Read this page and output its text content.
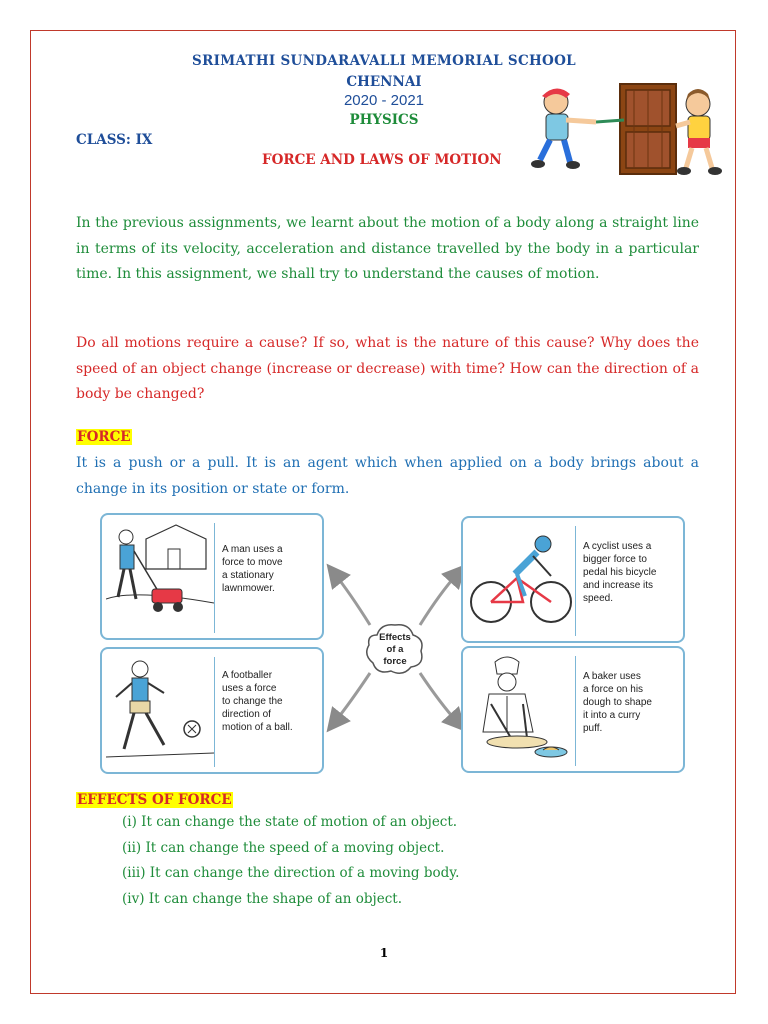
SRIMATHI SUNDARAVALLI MEMORIAL SCHOOL
CHENNAI
2020 - 2021
PHYSICS
CLASS: IX
FORCE AND LAWS OF MOTION

In the previous assignments, we learnt about the motion of a body along a straight line in terms of its velocity, acceleration and distance travelled by the body in a particular time. In this assignment, we shall try to understand the causes of motion.

Do all motions require a cause? If so, what is the nature of this cause? Why does the speed of an object change (increase or decrease) with time? How can the direction of a body be changed?

FORCE

It is a push or a pull. It is an agent which when applied on a body brings about a change in its position or state or form.

Effects
of a
force
A man uses a
force to move
a stationary
lawnmower.
A cyclist uses a
bigger force to
pedal his bicycle
and increase its
speed.
A footballer
uses a force
to change the
direction of
motion of a ball.
A baker uses
a force on his
dough to shape
it into a curry
puff.
EFFECTS OF FORCE
(i) It can change the state of motion of an object.
(ii) It can change the speed of a moving object.
(iii) It can change the direction of a moving body.
(iv) It can change the shape of an object.
1
